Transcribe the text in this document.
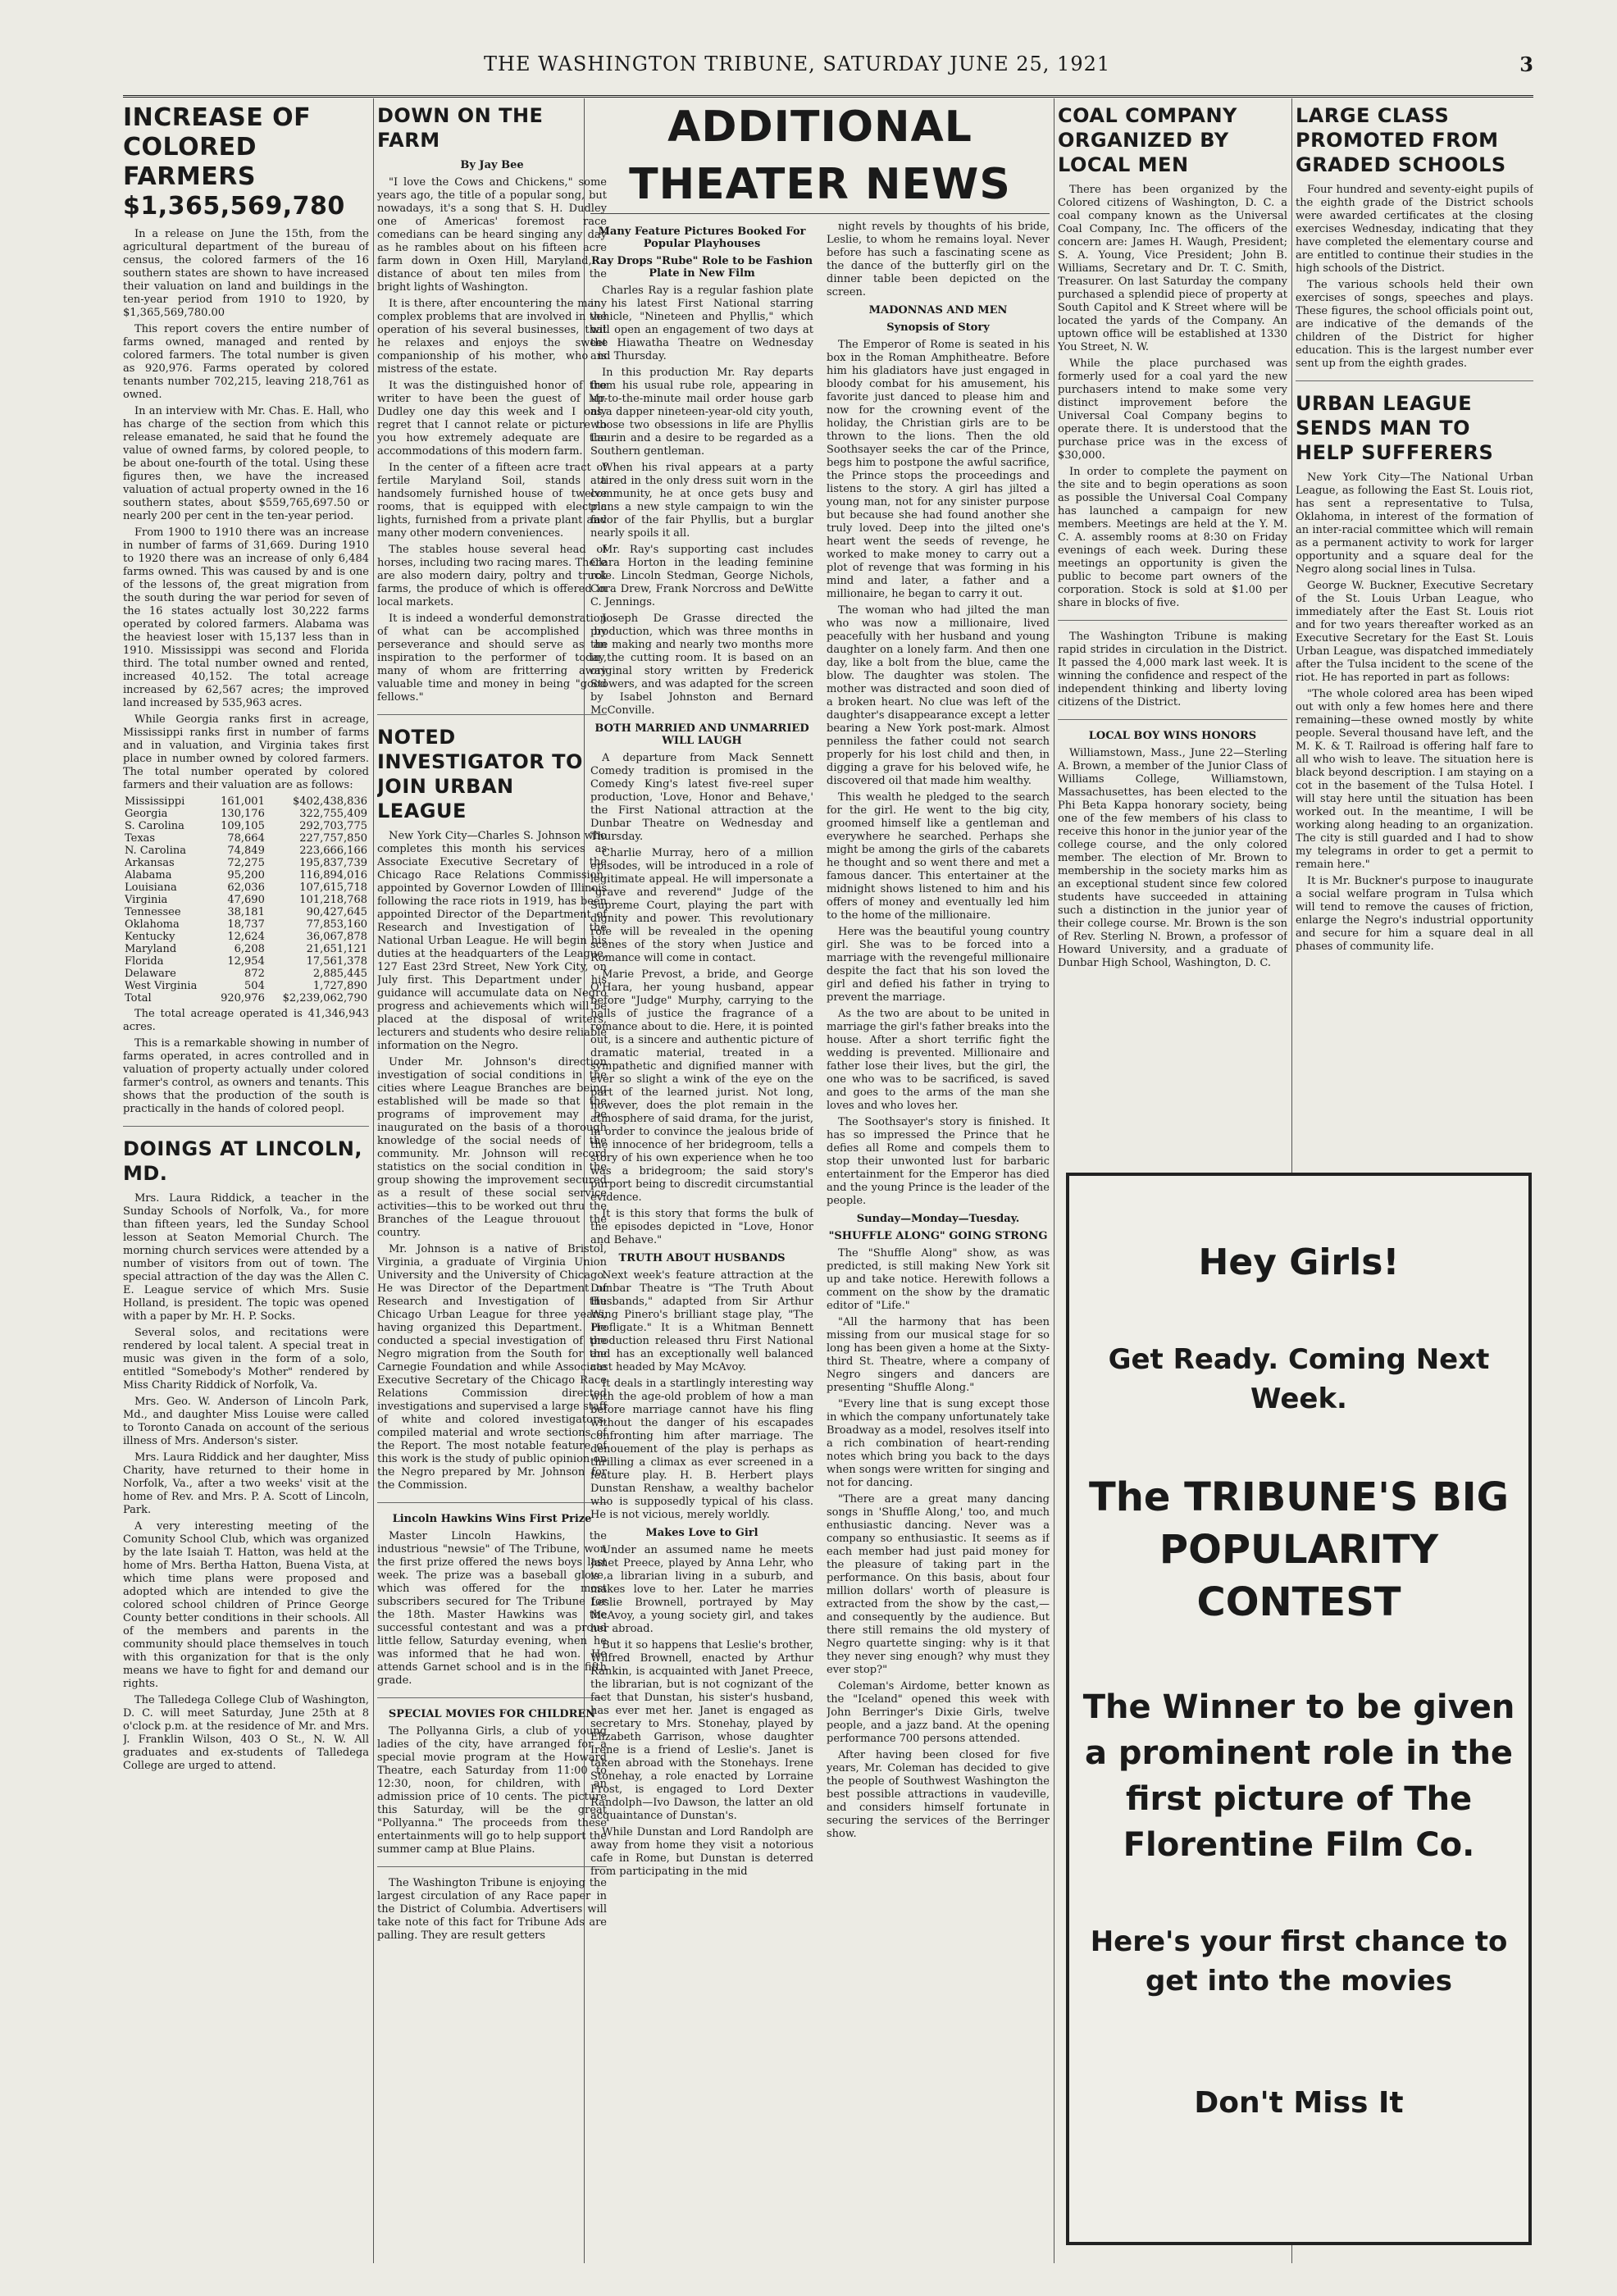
THE WASHINGTON TRIBUNE, SATURDAY JUNE 25, 1921	3
INCREASE OF COLORED FARMERS $1,365,569,780

In a release on June the 15th, from the agricultural department of the bureau of census, the colored farmers of the 16 southern states are shown to have increased their valuation on land and buildings in the ten-year period from 1910 to 1920, by $1,365,569,780.00

This report covers the entire number of farms owned, managed and rented by colored farmers. The total number is given as 920,976. Farms operated by colored tenants number 702,215, leaving 218,761 as owned.

In an interview with Mr. Chas. E. Hall, who has charge of the section from which this release emanated, he said that he found the value of owned farms, by colored people, to be about one-fourth of the total. Using these figures then, we have the increased valuation of actual property owned in the 16 southern states, about $559,765,697.50 or nearly 200 per cent in the ten-year period.

From 1900 to 1910 there was an increase in number of farms of 31,669. During 1910 to 1920 there was an increase of only 6,484 farms owned. This was caused by and is one of the lessons of, the great migration from the south during the war period for seven of the 16 states actually lost 30,222 farms operated by colored farmers. Alabama was the heaviest loser with 15,137 less than in 1910. Mississippi was second and Florida third. The total number owned and rented, increased 40,152. The total acreage increased by 62,567 acres; the improved land increased by 535,963 acres.

While Georgia ranks first in acreage, Mississippi ranks first in number of farms and in valuation, and Virginia takes first place in number owned by colored farmers. The total number operated by colored farmers and their valuation are as follows:

Mississippi	161,001	$402,438,836
Georgia	130,176	322,755,409
S. Carolina	109,105	292,703,775
Texas	78,664	227,757,850
N. Carolina	74,849	223,666,166
Arkansas	72,275	195,837,739
Alabama	95,200	116,894,016
Louisiana	62,036	107,615,718
Virginia	47,690	101,218,768
Tennessee	38,181	90,427,645
Oklahoma	18,737	77,853,160
Kentucky	12,624	36,067,878
Maryland	6,208	21,651,121
Florida	12,954	17,561,378
Delaware	872	2,885,445
West Virginia	504	1,727,890
Total	920,976	$2,239,062,790

The total acreage operated is 41,346,943 acres.

This is a remarkable showing in number of farms operated, in acres controlled and in valuation of property actually under colored farmer's control, as owners and tenants. This shows that the production of the south is practically in the hands of colored peopl.

DOINGS AT LINCOLN, MD.

Mrs. Laura Riddick, a teacher in the Sunday Schools of Norfolk, Va., for more than fifteen years, led the Sunday School lesson at Seaton Memorial Church. The morning church services were attended by a number of visitors from out of town. The special attraction of the day was the Allen C. E. League service of which Mrs. Susie Holland, is president. The topic was opened with a paper by Mr. H. P. Socks.

Several solos, and recitations were rendered by local talent. A special treat in music was given in the form of a solo, entitled "Somebody's Mother" rendered by Miss Charity Riddick of Norfolk, Va.

Mrs. Geo. W. Anderson of Lincoln Park, Md., and daughter Miss Louise were called to Toronto Canada on account of the serious illness of Mrs. Anderson's sister.

Mrs. Laura Riddick and her daughter, Miss Charity, have returned to their home in Norfolk, Va., after a two weeks' visit at the home of Rev. and Mrs. P. A. Scott of Lincoln, Park.

A very interesting meeting of the Comunity School Club, which was organized by the late Isaiah T. Hatton, was held at the home of Mrs. Bertha Hatton, Buena Vista, at which time plans were proposed and adopted which are intended to give the colored school children of Prince George County better conditions in their schools. All of the members and parents in the community should place themselves in touch with this organization for that is the only means we have to fight for and demand our rights.

The Talledega College Club of Washington, D. C. will meet Saturday, June 25th at 8 o'clock p.m. at the residence of Mr. and Mrs. J. Franklin Wilson, 403 O St., N. W. All graduates and ex-students of Talledega College are urged to attend.

DOWN ON THE FARM
By Jay Bee

"I love the Cows and Chickens," some years ago, the title of a popular song, but nowadays, it's a song that S. H. Dudley one of Americas' foremost race comedians can be heard singing any day as he rambles about on his fifteen acre farm down in Oxen Hill, Maryland, a distance of about ten miles from the bright lights of Washington.

It is there, after encountering the many complex problems that are involved in the operation of his several businesses, that he relaxes and enjoys the sweet companionship of his mother, who is mistress of the estate.

It was the distinguished honor of the writer to have been the guest of Mr. Dudley one day this week and I only regret that I cannot relate or picture to you how extremely adequate are the accommodations of this modern farm.

In the center of a fifteen acre tract of fertile Maryland Soil, stands a handsomely furnished house of twelve rooms, that is equipped with electric lights, furnished from a private plant and many other modern conveniences.

The stables house several head of horses, including two racing mares. There are also modern dairy, poltry and truck farms, the produce of which is offered in local markets.

It is indeed a wonderful demonstration of what can be accomplished by perseverance and should serve as an inspiration to the performer of today, many of whom are fritterring away valuable time and money in being "good fellows."

NOTED INVESTIGATOR TO JOIN URBAN LEAGUE

New York City—Charles S. Johnson who completes this month his services as Associate Executive Secretary of the Chicago Race Relations Commission, appointed by Governor Lowden of Illinois following the race riots in 1919, has been appointed Director of the Department of Research and Investigation of the National Urban League. He will begin his duties at the headquarters of the League, 127 East 23rd Street, New York City, on July first. This Department under his guidance will accumulate data on Negro progress and achievements which will be placed at the disposal of writers, lecturers and students who desire reliable information on the Negro.

Under Mr. Johnson's direction investigation of social conditions in the cities where League Branches are being established will be made so that the programs of improvement may be inaugurated on the basis of a thorough knowledge of the social needs of the community. Mr. Johnson will record statistics on the social condition in the group showing the improvement secured as a result of these social service activities—this to be worked out thru the Branches of the League throuout the country.

Mr. Johnson is a native of Bristol, Virginia, a graduate of Virginia Union University and the University of Chicago. He was Director of the Department of Research and Investigation of the Chicago Urban League for three years, having organized this Department. He conducted a special investigation of the Negro migration from the South for the Carnegie Foundation and while Associate Executive Secretary of the Chicago Race Relations Commission directed investigations and supervised a large staff of white and colored investigators, compiled material and wrote sections of the Report. The most notable feature of this work is the study of public opinion on the Negro prepared by Mr. Johnson for the Commission.

Lincoln Hawkins Wins First Prize

Master Lincoln Hawkins, the industrious "newsie" of The Tribune, won the first prize offered the news boys last week. The prize was a baseball glove, which was offered for the most subscribers secured for The Tribune for the 18th. Master Hawkins was the successful contestant and was a proud little fellow, Saturday evening, when he was informed that he had won. He attends Garnet school and is in the fifth grade.

SPECIAL MOVIES FOR CHILDREN

The Pollyanna Girls, a club of young ladies of the city, have arranged for a special movie program at the Howard Theatre, each Saturday from 11:00 to 12:30, noon, for children, with an admission price of 10 cents. The picture this Saturday, will be the great "Pollyanna." The proceeds from these entertainments will go to help support the summer camp at Blue Plains.

The Washington Tribune is enjoying the largest circulation of any Race paper in the District of Columbia. Advertisers will take note of this fact for Tribune Ads are palling. They are result getters

ADDITIONAL THEATER NEWS
Many Feature Pictures Booked For Popular Playhouses
Ray Drops "Rube" Role to be Fashion Plate in New Film

Charles Ray is a regular fashion plate in his latest First National starring vehicle, "Nineteen and Phyllis," which will open an engagement of two days at the Hiawatha Theatre on Wednesday and Thursday.

In this production Mr. Ray departs from his usual rube role, appearing in up-to-the-minute mail order house garb as a dapper nineteen-year-old city youth, whose two obsessions in life are Phyllis Laurin and a desire to be regarded as a Southern gentleman.

When his rival appears at a party attired in the only dress suit worn in the community, he at once gets busy and plans a new style campaign to win the favor of the fair Phyllis, but a burglar nearly spoils it all.

Mr. Ray's supporting cast includes Clara Horton in the leading feminine role. Lincoln Stedman, George Nichols, Cora Drew, Frank Norcross and DeWitte C. Jennings.

Joseph De Grasse directed the production, which was three months in the making and nearly two months more in the cutting room. It is based on an original story written by Frederick Stowers, and was adapted for the screen by Isabel Johnston and Bernard McConville.

BOTH MARRIED AND UNMARRIED WILL LAUGH

A departure from Mack Sennett Comedy tradition is promised in the Comedy King's latest five-reel super production, 'Love, Honor and Behave,' the First National attraction at the Dunbar Theatre on Wednesday and Thursday.

Charlie Murray, hero of a million episodes, will be introduced in a role of legitimate appeal. He will impersonate a "grave and reverend" Judge of the Supreme Court, playing the part with dignity and power. This revolutionary role will be revealed in the opening scenes of the story when Justice and Romance will come in contact.

Marie Prevost, a bride, and George O'Hara, her young husband, appear before "Judge" Murphy, carrying to the halls of justice the fragrance of a romance about to die. Here, it is pointed out, is a sincere and authentic picture of dramatic material, treated in a sympathetic and dignified manner with ever so slight a wink of the eye on the part of the learned jurist. Not long, however, does the plot remain in the atmosphere of said drama, for the jurist, in order to convince the jealous bride of the innocence of her bridegroom, tells a story of his own experience when he too was a bridegroom; the said story's purport being to discredit circumstantial evidence.

It is this story that forms the bulk of the episodes depicted in "Love, Honor and Behave."

TRUTH ABOUT HUSBANDS

Next week's feature attraction at the Dunbar Theatre is "The Truth About Husbands," adapted from Sir Arthur Wing Pinero's brilliant stage play, "The Profligate." It is a Whitman Bennett production released thru First National and has an exceptionally well balanced cast headed by May McAvoy.

It deals in a startlingly interesting way with the age-old problem of how a man before marriage cannot have his fling without the danger of his escapades confronting him after marriage. The denouement of the play is perhaps as thrilling a climax as ever screened in a feature play. H. B. Herbert plays Dunstan Renshaw, a wealthy bachelor who is supposedly typical of his class. He is not vicious, merely worldly.

Makes Love to Girl

Under an assumed name he meets Janet Preece, played by Anna Lehr, who is a librarian living in a suburb, and makes love to her. Later he marries Leslie Brownell, portrayed by May McAvoy, a young society girl, and takes her abroad.

But it so happens that Leslie's brother, Wilfred Brownell, enacted by Arthur Rankin, is acquainted with Janet Preece, the librarian, but is not cognizant of the fact that Dunstan, his sister's husband, has ever met her. Janet is engaged as secretary to Mrs. Stonehay, played by Elizabeth Garrison, whose daughter Irene is a friend of Leslie's. Janet is taken abroad with the Stonehays. Irene Stonehay, a role enacted by Lorraine Frost, is engaged to Lord Dexter Randolph—Ivo Dawson, the latter an old acquaintance of Dunstan's.

While Dunstan and Lord Randolph are away from home they visit a notorious cafe in Rome, but Dunstan is deterred from participating in the mid

night revels by thoughts of his bride, Leslie, to whom he remains loyal. Never before has such a fascinating scene as the dance of the butterfly girl on the dinner table been depicted on the screen.

MADONNAS AND MEN
Synopsis of Story

The Emperor of Rome is seated in his box in the Roman Amphitheatre. Before him his gladiators have just engaged in bloody combat for his amusement, his favorite just danced to please him and now for the crowning event of the holiday, the Christian girls are to be thrown to the lions. Then the old Soothsayer seeks the car of the Prince, begs him to postpone the awful sacrifice, the Prince stops the proceedings and listens to the story. A girl has jilted a young man, not for any sinister purpose but because she had found another she truly loved. Deep into the jilted one's heart went the seeds of revenge, he worked to make money to carry out a plot of revenge that was forming in his mind and later, a father and a millionaire, he began to carry it out.

The woman who had jilted the man who was now a millionaire, lived peacefully with her husband and young daughter on a lonely farm. And then one day, like a bolt from the blue, came the blow. The daughter was stolen. The mother was distracted and soon died of a broken heart. No clue was left of the daughter's disappearance except a letter bearing a New York post-mark. Almost penniless the father could not search properly for his lost child and then, in digging a grave for his beloved wife, he discovered oil that made him wealthy.

This wealth he pledged to the search for the girl. He went to the big city, groomed himself like a gentleman and everywhere he searched. Perhaps she might be among the girls of the cabarets he thought and so went there and met a famous dancer. This entertainer at the midnight shows listened to him and his offers of money and eventually led him to the home of the millionaire.

Here was the beautiful young country girl. She was to be forced into a marriage with the revengeful millionaire despite the fact that his son loved the girl and defied his father in trying to prevent the marriage.

As the two are about to be united in marriage the girl's father breaks into the house. After a short terrific fight the wedding is prevented. Millionaire and father lose their lives, but the girl, the one who was to be sacrificed, is saved and goes to the arms of the man she loves and who loves her.

The Soothsayer's story is finished. It has so impressed the Prince that he defies all Rome and compels them to stop their unwonted lust for barbaric entertainment for the Emperor has died and the young Prince is the leader of the people.

Sunday—Monday—Tuesday.
"SHUFFLE ALONG" GOING STRONG

The "Shuffle Along" show, as was predicted, is still making New York sit up and take notice. Herewith follows a comment on the show by the dramatic editor of "Life."

"All the harmony that has been missing from our musical stage for so long has been given a home at the Sixty-third St. Theatre, where a company of Negro singers and dancers are presenting "Shuffle Along."

"Every line that is sung except those in which the company unfortunately take Broadway as a model, resolves itself into a rich combination of heart-rending notes which bring you back to the days when songs were written for singing and not for dancing.

"There are a great many dancing songs in 'Shuffle Along,' too, and much enthusiastic dancing. Never was a company so enthusiastic. It seems as if each member had just paid money for the pleasure of taking part in the performance. On this basis, about four million dollars' worth of pleasure is extracted from the show by the cast,—and consequently by the audience. But there still remains the old mystery of Negro quartette singing: why is it that they never sing enough? why must they ever stop?"

Coleman's Airdome, better known as the "Iceland" opened this week with John Berringer's Dixie Girls, twelve people, and a jazz band. At the opening performance 700 persons attended.

After having been closed for five years, Mr. Coleman has decided to give the people of Southwest Washington the best possible attractions in vaudeville, and considers himself fortunate in securing the services of the Berringer show.

COAL COMPANY ORGANIZED BY LOCAL MEN

There has been organized by the Colored citizens of Washington, D. C. a coal company known as the Universal Coal Company, Inc. The officers of the concern are: James H. Waugh, President; S. A. Young, Vice President; John B. Williams, Secretary and Dr. T. C. Smith, Treasurer. On last Saturday the company purchased a splendid piece of property at South Capitol and K Street where will be located the yards of the Company. An uptown office will be established at 1330 You Street, N. W.

While the place purchased was formerly used for a coal yard the new purchasers intend to make some very distinct improvement before the Universal Coal Company begins to operate there. It is understood that the purchase price was in the excess of $30,000.

In order to complete the payment on the site and to begin operations as soon as possible the Universal Coal Company has launched a campaign for new members. Meetings are held at the Y. M. C. A. assembly rooms at 8:30 on Friday evenings of each week. During these meetings an opportunity is given the public to become part owners of the corporation. Stock is sold at $1.00 per share in blocks of five.

The Washington Tribune is making rapid strides in circulation in the District. It passed the 4,000 mark last week. It is winning the confidence and respect of the independent thinking and liberty loving citizens of the District.

LOCAL BOY WINS HONORS

Williamstown, Mass., June 22—Sterling A. Brown, a member of the Junior Class of Williams College, Williamstown, Massachusettes, has been elected to the Phi Beta Kappa honorary society, being one of the few members of his class to receive this honor in the junior year of the college course, and the only colored member. The election of Mr. Brown to membership in the society marks him as an exceptional student since few colored students have succeeded in attaining such a distinction in the junior year of their college course. Mr. Brown is the son of Rev. Sterling N. Brown, a professor of Howard University, and a graduate of Dunbar High School, Washington, D. C.

LARGE CLASS PROMOTED FROM GRADED SCHOOLS

Four hundred and seventy-eight pupils of the eighth grade of the District schools were awarded certificates at the closing exercises Wednesday, indicating that they have completed the elementary course and are entitled to continue their studies in the high schools of the District.

The various schools held their own exercises of songs, speeches and plays. These figures, the school officials point out, are indicative of the demands of the children of the District for higher education. This is the largest number ever sent up from the eighth grades.

URBAN LEAGUE SENDS MAN TO HELP SUFFERERS

New York City—The National Urban League, as following the East St. Louis riot, has sent a representative to Tulsa, Oklahoma, in interest of the formation of an inter-racial committee which will remain as a permanent activity to work for larger opportunity and a square deal for the Negro along social lines in Tulsa.

George W. Buckner, Executive Secretary of the St. Louis Urban League, who immediately after the East St. Louis riot and for two years thereafter worked as an Executive Secretary for the East St. Louis Urban League, was dispatched immediately after the Tulsa incident to the scene of the riot. He has reported in part as follows:

"The whole colored area has been wiped out with only a few homes here and there remaining—these owned mostly by white people. Several thousand have left, and the M. K. & T. Railroad is offering half fare to all who wish to leave. The situation here is black beyond description. I am staying on a cot in the basement of the Tulsa Hotel. I will stay here until the situation has been worked out. In the meantime, I will be working along heading to an organization. The city is still guarded and I had to show my telegrams in order to get a permit to remain here."

It is Mr. Buckner's purpose to inaugurate a social welfare program in Tulsa which will tend to remove the causes of friction, enlarge the Negro's industrial opportunity and secure for him a square deal in all phases of community life.

Hey Girls!
Get Ready. Coming Next Week.
The TRIBUNE'S BIG POPULARITY CONTEST
The Winner to be given a prominent role in the first picture of The Florentine Film Co.
Here's your first chance to get into the movies
Don't Miss It
